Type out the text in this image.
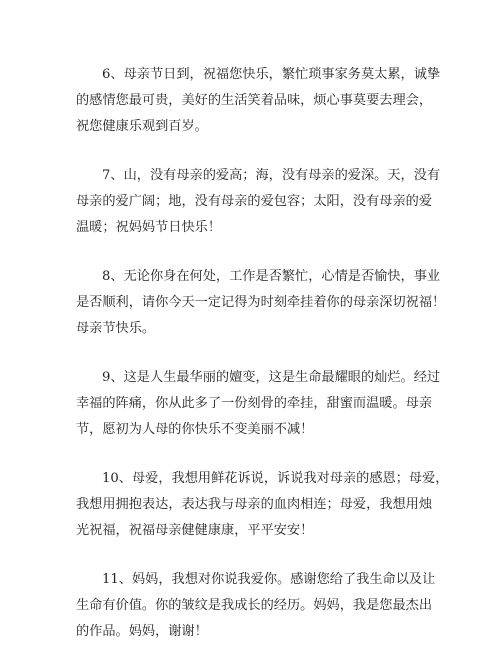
6、母亲节日到，祝福您快乐，繁忙琐事家务莫太累，诚挚
的感情您最可贵，美好的生活笑着品味，烦心事莫要去理会，
祝您健康乐观到百岁。
7、山，没有母亲的爱高；海，没有母亲的爱深。天，没有
母亲的爱广阔；地，没有母亲的爱包容；太阳，没有母亲的爱
温暖；祝妈妈节日快乐！
8、无论你身在何处，工作是否繁忙，心情是否愉快，事业
是否顺利，请你今天一定记得为时刻牵挂着你的母亲深切祝福！
母亲节快乐。
9、这是人生最华丽的嬗变，这是生命最耀眼的灿烂。经过
幸福的阵痛，你从此多了一份刻骨的牵挂，甜蜜而温暖。母亲
节，愿初为人母的你快乐不变美丽不减！
10、母爱，我想用鲜花诉说，诉说我对母亲的感恩；母爱，
我想用拥抱表达，表达我与母亲的血肉相连；母爱，我想用烛
光祝福，祝福母亲健健康康，平平安安！
11、妈妈，我想对你说我爱你。感谢您给了我生命以及让
生命有价值。你的皱纹是我成长的经历。妈妈，我是您最杰出
的作品。妈妈，谢谢！
